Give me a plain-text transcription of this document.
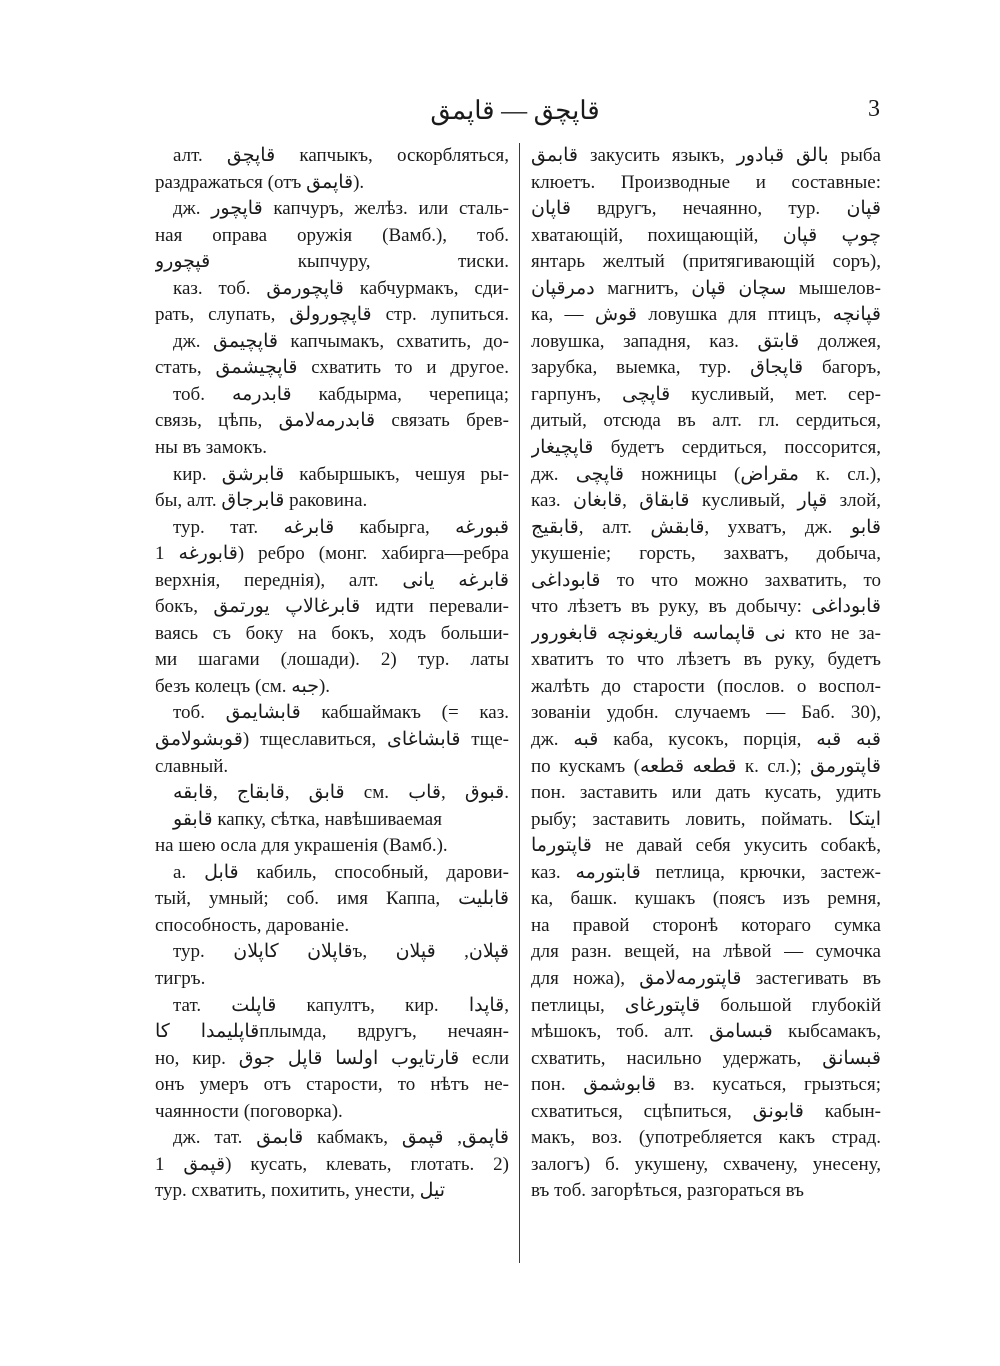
قاپچق — قاپمق	3
алт. قاپچق капчыкъ, оскорбляться,
раздражаться (отъ قاپمق).
дж. قاپچور капчуръ, желѣз. или сталь-
ная оправа оружія (Вамб.), тоб.
قپچورو кыпчуру, тиски.
каз. тоб. قاپچورمق кабчурмакъ, сди-
рать, слупать, قاپچورولق стр. лупиться.
дж. قاپچیمق капчымакъ, схватить, до-
стать, قاپچیشمق схватить то и другое.
тоб. قابدرمه кабдырма, черепица;
связь, цѣпь, قابدرمه‌لامق связать брев-
ны въ замокъ.
кир. قابرشق кабыршыкъ, чешуя ры-
бы, алт. قابرجاق раковина.
тур. тат. قابرغه кабырга, قبورغه
قابورغه 1) ребро (монг. хабирга—ребра
верхнія, переднія), алт. قابرغه یانی
бокъ, قابرغالاپ یورتمق идти перевали-
ваясь съ боку на бокъ, ходъ больши-
ми шагами (лошади). 2) тур. латы
безъ колецъ (см. جبه).
тоб. قابشایمق кабшаймакъ (= каз.
قوبشولامق) тщеславиться, قابشاغای тще-
славный.
قابق ,قابقاج ,قابقه см. قبوق ,قاب.
قابقو капку, сѣтка, навѣшиваемая
на шею осла для украшенія (Вамб.).
а. قابل кабиль, способный, дарови-
тый, умный; соб. имя Каппа, قابلیت
способность, дарованіе.
тур. قاپلان کاپلانъ, قپلان, قپلان
тигръ.
тат. قاپلت капултъ, кир. قاپدا,
قاپلیمدا کاплымда, вдругъ, нечаян-
но, кир. قارتایوب اولسا قاپل جوق если
онъ умеръ отъ старости, то нѣтъ не-
чаянности (поговорка).
дж. тат. قابمق кабмакъ, قاپمق, قپمق
قپمق 1) кусать, клевать, глотать. 2)
тур. схватить, похитить, унести, تیل
قابمق закусить языкъ, بالق قبادور рыба
клюетъ. Производные и составные:
قاپان вдругъ, нечаянно, тур. قپان
хватающій, похищающій, چوپ قپان
янтарь желтый (притягивающій соръ),
دمرقپان магнитъ, سچان قپان мышелов-
ка, — قوش ловушка для птицъ, قپانچه
ловушка, западня, каз. قابتق должея,
зарубка, выемка, тур. قاپجاق багоръ,
гарпунъ, قاپچی кусливый, мет. сер-
дитый, отсюда въ алт. гл. сердиться,
قاپچیغار будетъ сердиться, поссорится,
дж. قاپچی ножницы (مقراض к. сл.),
каз. قابقاق ,قابغان кусливый, قپار злой,
قابقیج, алт. قابقش, ухватъ, дж. قابو
укушеніе; горсть, захватъ, добыча,
قابوداغی то что можно захватить, то
что лѣзетъ въ руку, въ добычу: قابوداغی
نی قاپماسه قاریغونچه قابغورور кто не за-
хватитъ то что лѣзетъ въ руку, будетъ
жалѣть до старости (послов. о воспол-
зованіи удобн. случаемъ — Баб. 30),
дж. قبه кабa, кусокъ, порція, قبه قبه
по кускамъ (قطعه قطعه к. сл.); قاپتورمق
пон. заставить или дать кусать, удить
рыбу; заставить ловить, поймать. ایتکا
قاپتورما не давай себя укусить собакѣ,
каз. قابتورمه петлица, крючки, застеж-
ка, башк. кушакъ (поясъ изъ ремня,
на правой сторонѣ котораго сумка
для разн. вещей, на лѣвой — сумочка
для ножа), قاپتورمه‌لامق застегивать въ
петлицы, قاپتورغای большой глубокій
мѣшокъ, тоб. алт. قبسامق кыбсамакъ,
схватить, насильно удержать, قبسانق
пон. قابوشمق вз. кусаться, грызться;
схватиться, сцѣпиться, قابونق кабын-
макъ, воз. (употребляется какъ страд.
залогъ) б. укушену, схвачену, унесену,
въ тоб. загорѣться, разгораться въ
